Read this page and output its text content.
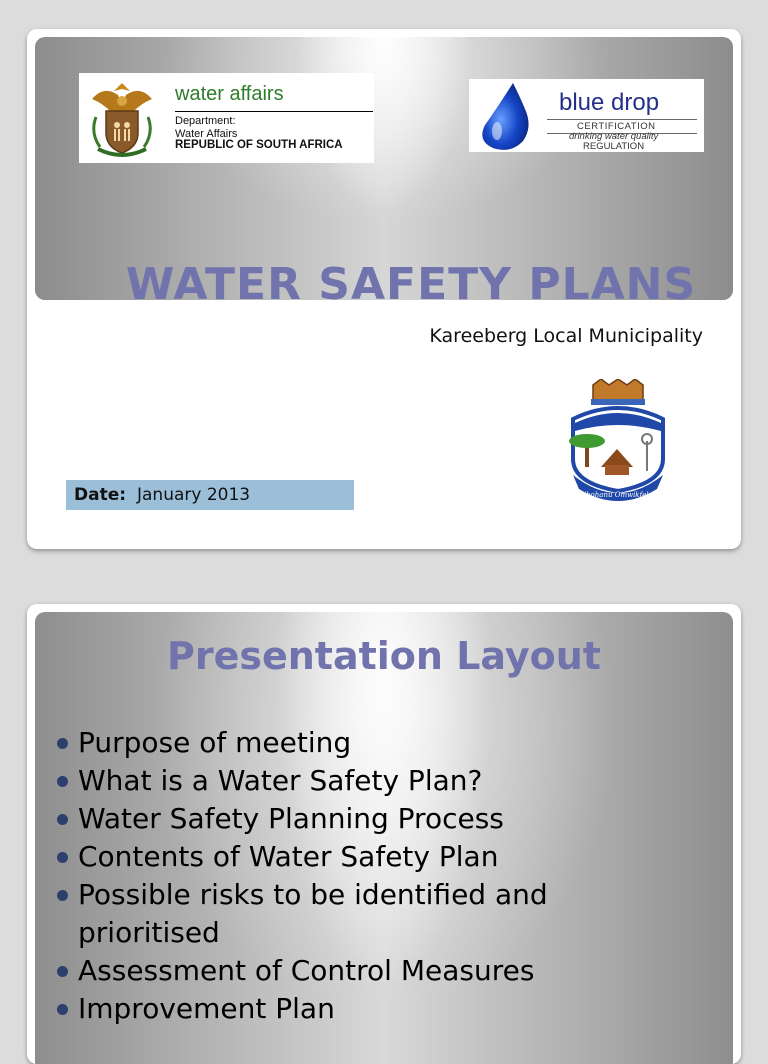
water affairs
Department:
Water Affairs
REPUBLIC OF SOUTH AFRICA
blue drop
CERTIFICATION
drinking water quality
REGULATION
WATER SAFETY PLANS
Kareeberg Local Municipality
Itsibohanu Omwikfeleba
Date: January 2013
Presentation Layout
Purpose of meeting
What is a Water Safety Plan?
Water Safety Planning Process
Contents of Water Safety Plan
Possible risks to be identified and prioritised
Assessment of Control Measures
Improvement Plan
